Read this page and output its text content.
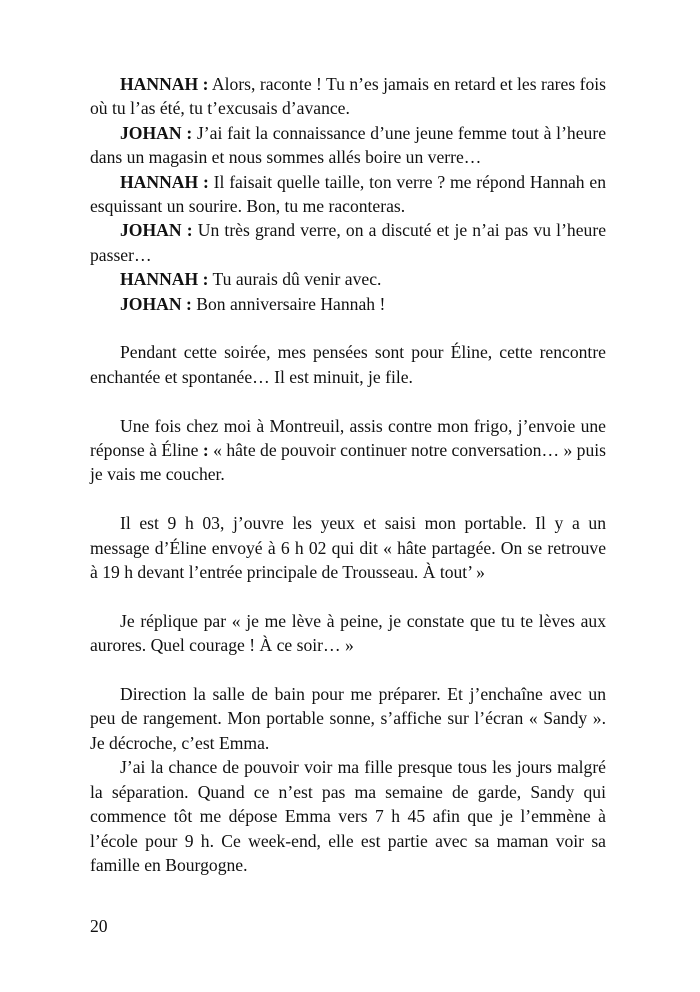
HANNAH : Alors, raconte ! Tu n’es jamais en retard et les rares fois où tu l’as été, tu t’excusais d’avance.

JOHAN : J’ai fait la connaissance d’une jeune femme tout à l’heure dans un magasin et nous sommes allés boire un verre…

HANNAH : Il faisait quelle taille, ton verre ? me répond Hannah en esquissant un sourire. Bon, tu me raconteras.

JOHAN : Un très grand verre, on a discuté et je n’ai pas vu l’heure passer…

HANNAH : Tu aurais dû venir avec.

JOHAN : Bon anniversaire Hannah !

Pendant cette soirée, mes pensées sont pour Éline, cette rencontre enchantée et spontanée… Il est minuit, je file.

Une fois chez moi à Montreuil, assis contre mon frigo, j’envoie une réponse à Éline : « hâte de pouvoir continuer notre conversation… » puis je vais me coucher.

Il est 9 h 03, j’ouvre les yeux et saisi mon portable. Il y a un message d’Éline envoyé à 6 h 02 qui dit « hâte partagée. On se retrouve à 19 h devant l’entrée principale de Trousseau. À tout’ »

Je réplique par « je me lève à peine, je constate que tu te lèves aux aurores. Quel courage ! À ce soir… »

Direction la salle de bain pour me préparer. Et j’enchaîne avec un peu de rangement. Mon portable sonne, s’affiche sur l’écran « Sandy ». Je décroche, c’est Emma.

J’ai la chance de pouvoir voir ma fille presque tous les jours malgré la séparation. Quand ce n’est pas ma semaine de garde, Sandy qui commence tôt me dépose Emma vers 7 h 45 afin que je l’emmène à l’école pour 9 h. Ce week-end, elle est partie avec sa maman voir sa famille en Bourgogne.

20
